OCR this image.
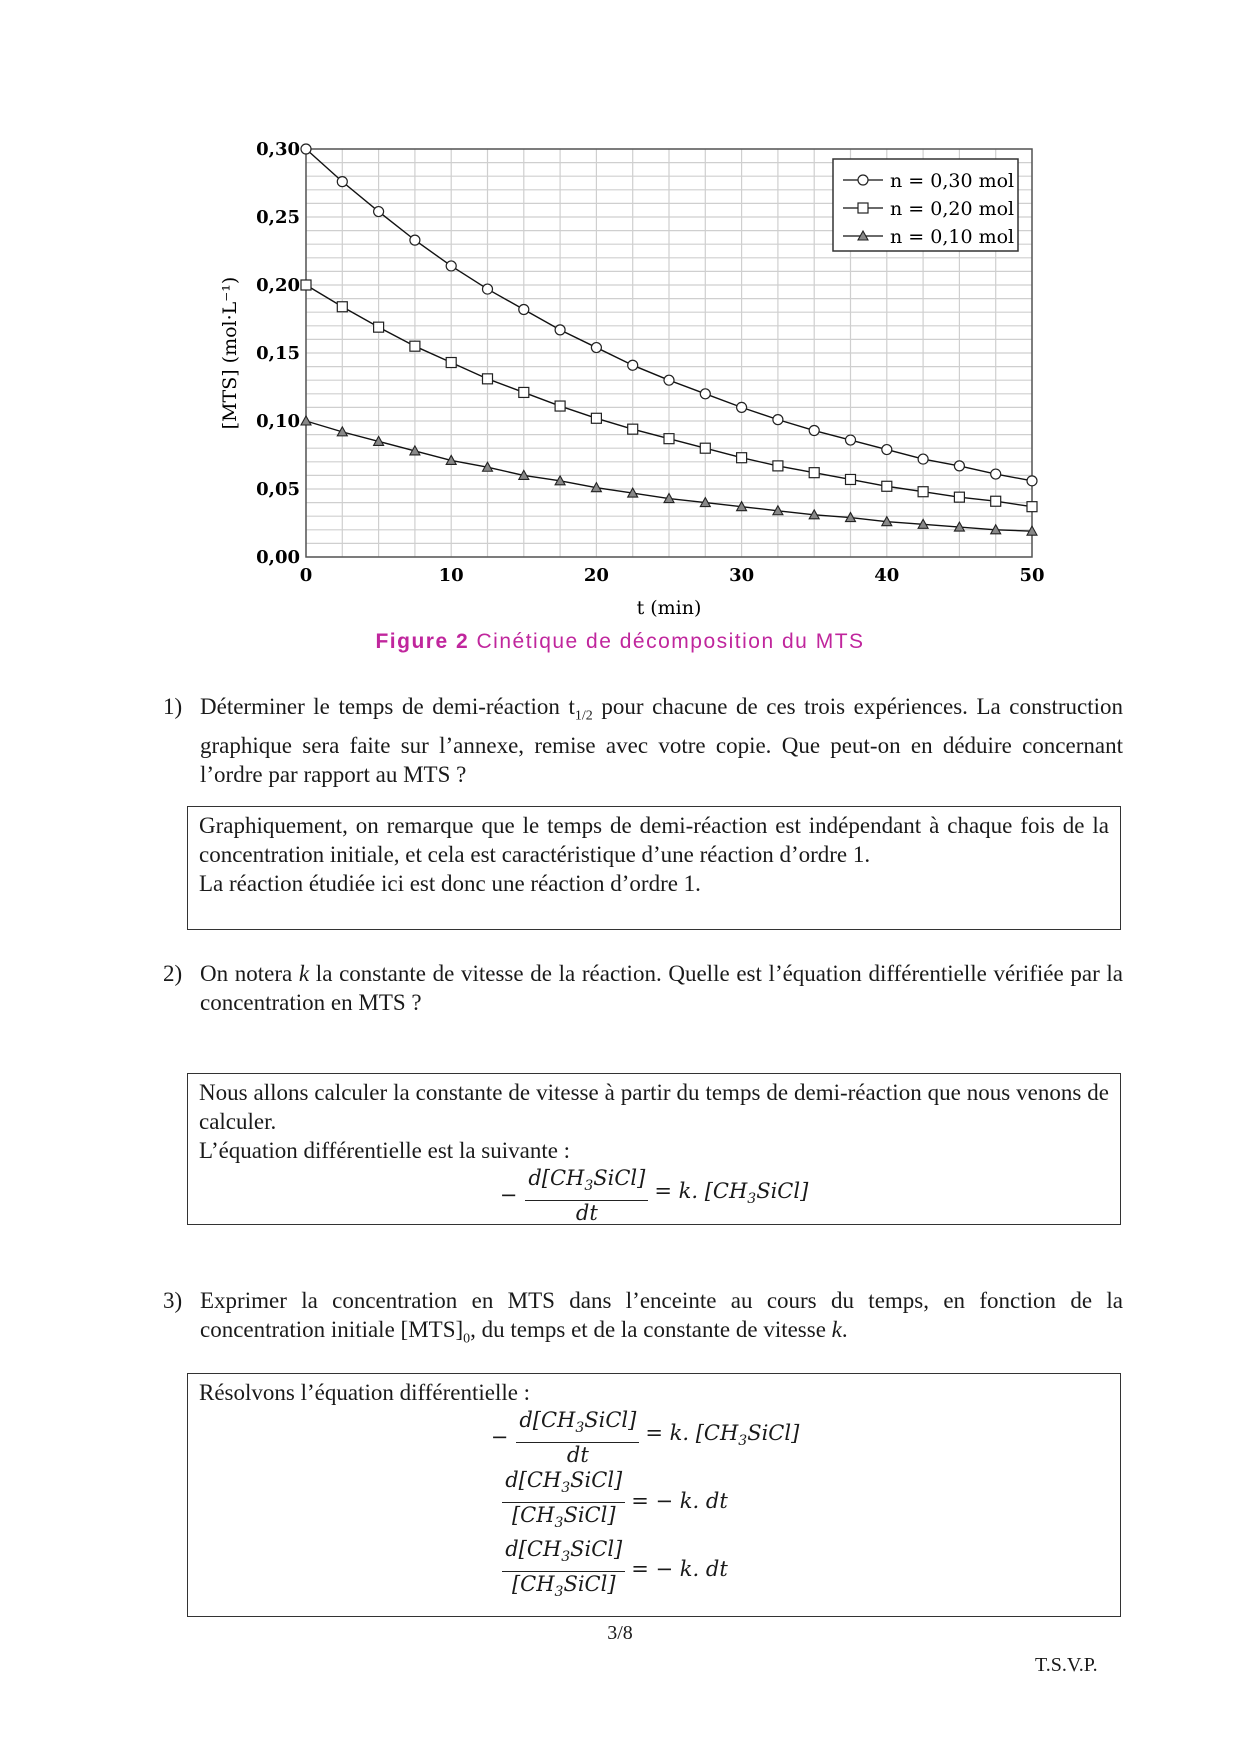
0	10	20	30	40	50
0,00
0,05
0,10
0,15
0,20
0,25
0,30
t (min)
[MTS] (mol·L⁻¹)
n = 0,30 mol
n = 0,20 mol
n = 0,10 mol
Figure 2 Cinétique de décomposition du MTS
1) Déterminer le temps de demi-réaction $t_{1/2}$ pour chacune de ces trois expériences. La construction graphique sera faite sur l’annexe, remise avec votre copie. Que peut-on en déduire concernant l’ordre par rapport au MTS ?

Graphiquement, on remarque que le temps de demi-réaction est indépendant à chaque fois de la concentration initiale, et cela est caractéristique d’une réaction d’ordre 1.

La réaction étudiée ici est donc une réaction d’ordre 1.

2) On notera k la constante de vitesse de la réaction. Quelle est l’équation différentielle vérifiée par la concentration en MTS ?

Nous allons calculer la constante de vitesse à partir du temps de demi-réaction que nous venons de calculer.

L’équation différentielle est la suivante :

− $\frac{d[CH_3SiCl]}{dt} = k$. $[CH_3SiCl]$
3) Exprimer la concentration en MTS dans l’enceinte au cours du temps, en fonction de la concentration initiale $[MTS]_0$, du temps et de la constante de vitesse k.

Résolvons l’équation différentielle :

− $\frac{d[CH_3SiCl]}{dt} = k$. $[CH_3SiCl]$
$\frac{d[CH_3SiCl]}{[CH_3SiCl]}$ = − k. dt
$\frac{d[CH_3SiCl]}{[CH_3SiCl]}$ = − k. dt
3/8
T.S.V.P.
